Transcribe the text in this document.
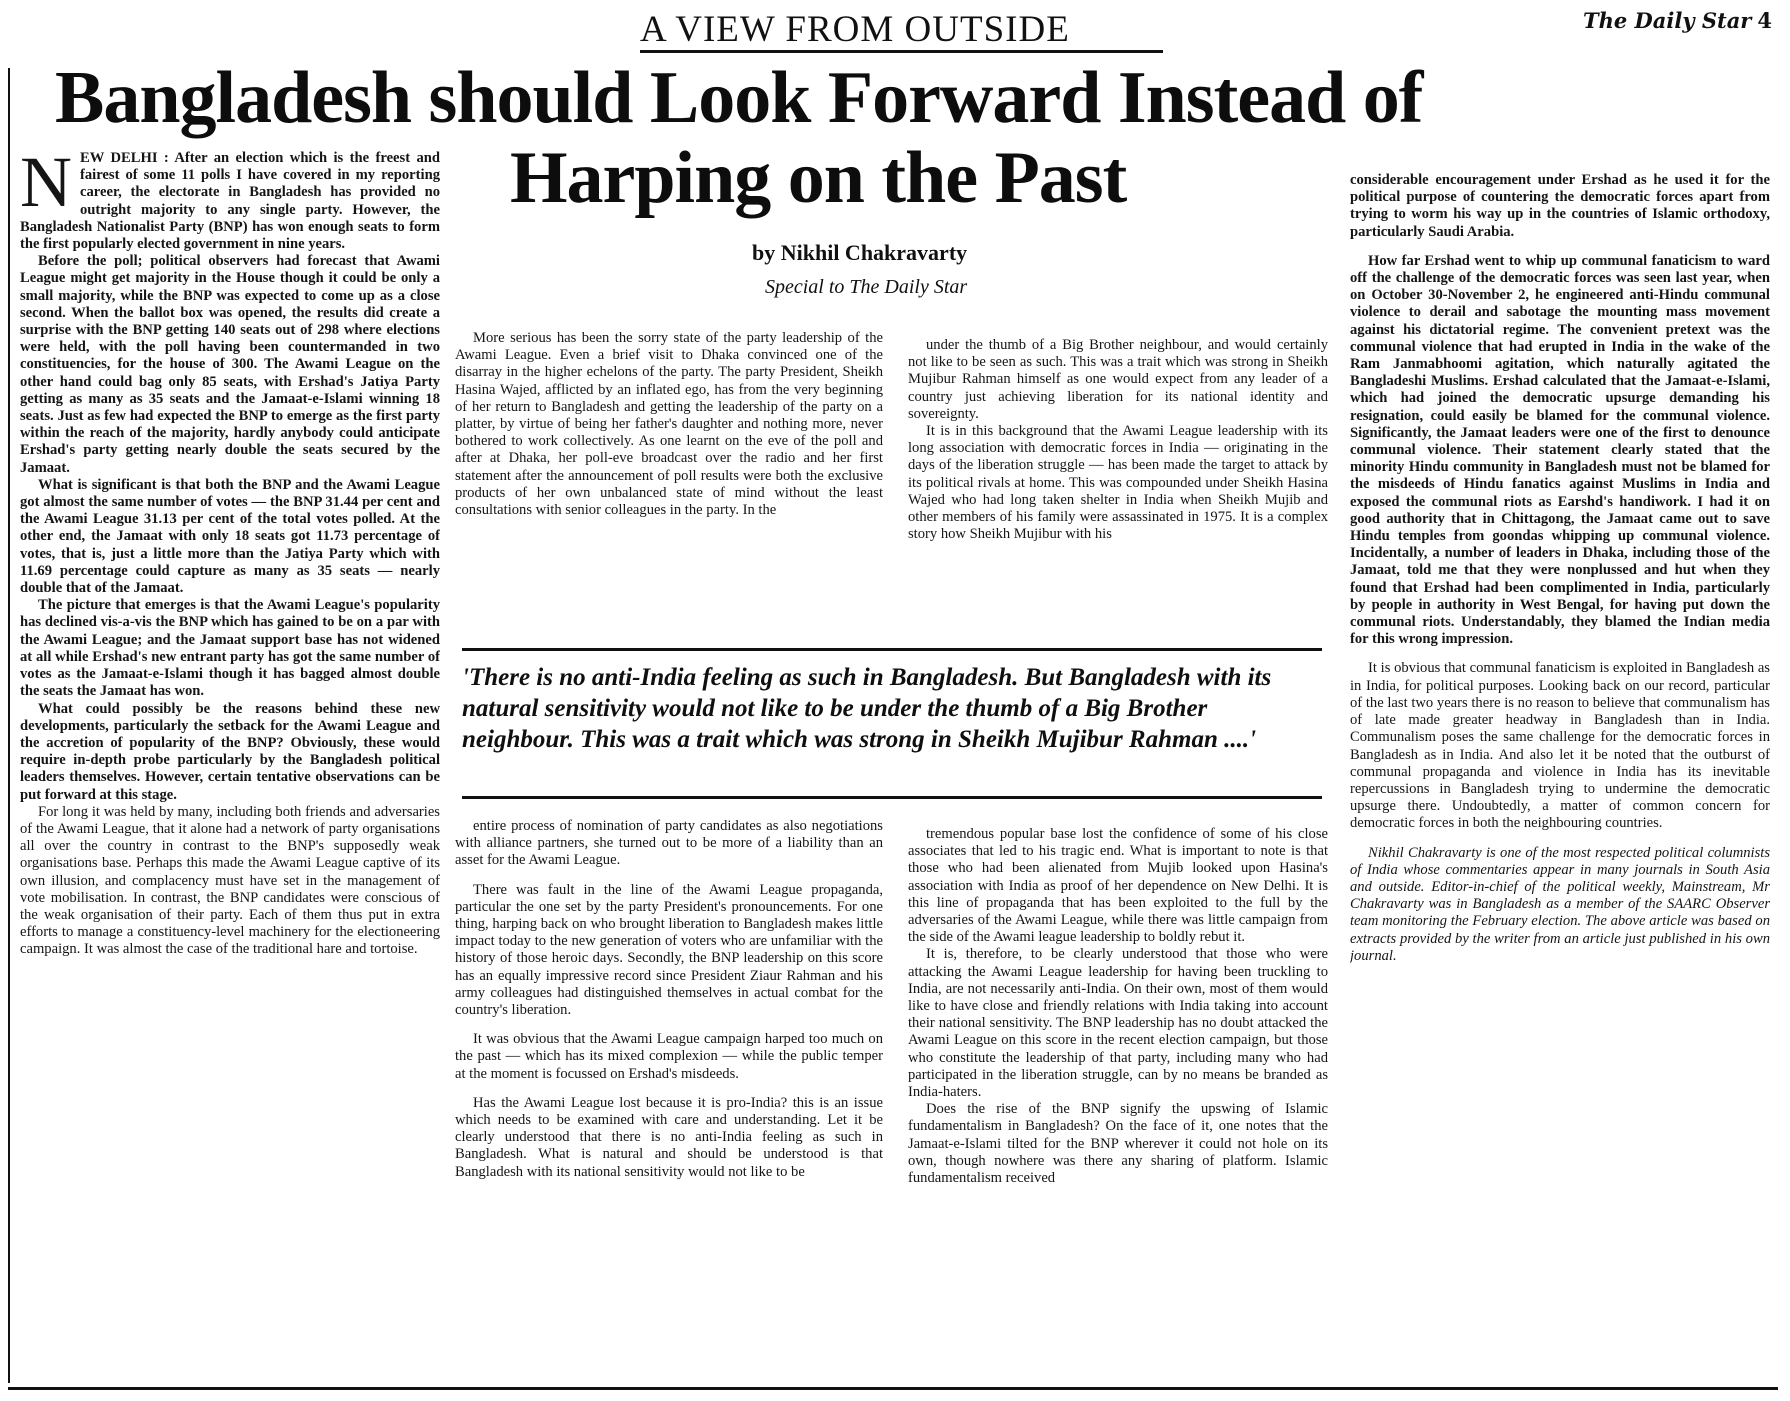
A VIEW FROM OUTSIDE	The Daily Star 4
Bangladesh should Look Forward Instead of
Harping on the Past
by Nikhil Chakravarty
Special to The Daily Star

NEW DELHI : After an election which is the freest and fairest of some 11 polls I have covered in my reporting career, the electorate in Bangladesh has provided no outright majority to any single party. However, the Bangladesh Nationalist Party (BNP) has won enough seats to form the first popularly elected government in nine years.

Before the poll; political observers had forecast that Awami League might get majority in the House though it could be only a small majority, while the BNP was expected to come up as a close second. When the ballot box was opened, the results did create a surprise with the BNP getting 140 seats out of 298 where elections were held, with the poll having been countermanded in two constituencies, for the house of 300. The Awami League on the other hand could bag only 85 seats, with Ershad's Jatiya Party getting as many as 35 seats and the Jamaat-e-Islami winning 18 seats. Just as few had expected the BNP to emerge as the first party within the reach of the majority, hardly anybody could anticipate Ershad's party getting nearly double the seats secured by the Jamaat.

What is significant is that both the BNP and the Awami League got almost the same number of votes — the BNP 31.44 per cent and the Awami League 31.13 per cent of the total votes polled. At the other end, the Jamaat with only 18 seats got 11.73 percentage of votes, that is, just a little more than the Jatiya Party which with 11.69 percentage could capture as many as 35 seats — nearly double that of the Jamaat.

The picture that emerges is that the Awami League's popularity has declined vis-a-vis the BNP which has gained to be on a par with the Awami League; and the Jamaat support base has not widened at all while Ershad's new entrant party has got the same number of votes as the Jamaat-e-Islami though it has bagged almost double the seats the Jamaat has won.

What could possibly be the reasons behind these new developments, particularly the setback for the Awami League and the accretion of popularity of the BNP? Obviously, these would require in-depth probe particularly by the Bangladesh political leaders themselves. However, certain tentative observations can be put forward at this stage.

For long it was held by many, including both friends and adversaries of the Awami League, that it alone had a network of party organisations all over the country in contrast to the BNP's supposedly weak organisations base. Perhaps this made the Awami League captive of its own illusion, and complacency must have set in the management of vote mobilisation. In contrast, the BNP candidates were conscious of the weak organisation of their party. Each of them thus put in extra efforts to manage a constituency-level machinery for the electioneering campaign. It was almost the case of the traditional hare and tortoise.

More serious has been the sorry state of the party leadership of the Awami League. Even a brief visit to Dhaka convinced one of the disarray in the higher echelons of the party. The party President, Sheikh Hasina Wajed, afflicted by an inflated ego, has from the very beginning of her return to Bangladesh and getting the leadership of the party on a platter, by virtue of being her father's daughter and nothing more, never bothered to work collectively. As one learnt on the eve of the poll and after at Dhaka, her poll-eve broadcast over the radio and her first statement after the announcement of poll results were both the exclusive products of her own unbalanced state of mind without the least consultations with senior colleagues in the party. In the

under the thumb of a Big Brother neighbour, and would certainly not like to be seen as such. This was a trait which was strong in Sheikh Mujibur Rahman himself as one would expect from any leader of a country just achieving liberation for its national identity and sovereignty.

It is in this background that the Awami League leadership with its long association with democratic forces in India — originating in the days of the liberation struggle — has been made the target to attack by its political rivals at home. This was compounded under Sheikh Hasina Wajed who had long taken shelter in India when Sheikh Mujib and other members of his family were assassinated in 1975. It is a complex story how Sheikh Mujibur with his

'There is no anti-India feeling as such in Bangladesh. But Bangladesh with its natural sensitivity would not like to be under the thumb of a Big Brother neighbour. This was a trait which was strong in Sheikh Mujibur Rahman ....'

entire process of nomination of party candidates as also negotiations with alliance partners, she turned out to be more of a liability than an asset for the Awami League.

There was fault in the line of the Awami League propaganda, particular the one set by the party President's pronouncements. For one thing, harping back on who brought liberation to Bangladesh makes little impact today to the new generation of voters who are unfamiliar with the history of those heroic days. Secondly, the BNP leadership on this score has an equally impressive record since President Ziaur Rahman and his army colleagues had distinguished themselves in actual combat for the country's liberation.

It was obvious that the Awami League campaign harped too much on the past — which has its mixed complexion — while the public temper at the moment is focussed on Ershad's misdeeds.

Has the Awami League lost because it is pro-India? this is an issue which needs to be examined with care and understanding. Let it be clearly understood that there is no anti-India feeling as such in Bangladesh. What is natural and should be understood is that Bangladesh with its national sensitivity would not like to be

tremendous popular base lost the confidence of some of his close associates that led to his tragic end. What is important to note is that those who had been alienated from Mujib looked upon Hasina's association with India as proof of her dependence on New Delhi. It is this line of propaganda that has been exploited to the full by the adversaries of the Awami League, while there was little campaign from the side of the Awami league leadership to boldly rebut it.

It is, therefore, to be clearly understood that those who were attacking the Awami League leadership for having been truckling to India, are not necessarily anti-India. On their own, most of them would like to have close and friendly relations with India taking into account their national sensitivity. The BNP leadership has no doubt attacked the Awami League on this score in the recent election campaign, but those who constitute the leadership of that party, including many who had participated in the liberation struggle, can by no means be branded as India-haters.

Does the rise of the BNP signify the upswing of Islamic fundamentalism in Bangladesh? On the face of it, one notes that the Jamaat-e-Islami tilted for the BNP wherever it could not hole on its own, though nowhere was there any sharing of platform. Islamic fundamentalism received

considerable encouragement under Ershad as he used it for the political purpose of countering the democratic forces apart from trying to worm his way up in the countries of Islamic orthodoxy, particularly Saudi Arabia.

How far Ershad went to whip up communal fanaticism to ward off the challenge of the democratic forces was seen last year, when on October 30-November 2, he engineered anti-Hindu communal violence to derail and sabotage the mounting mass movement against his dictatorial regime. The convenient pretext was the communal violence that had erupted in India in the wake of the Ram Janmabhoomi agitation, which naturally agitated the Bangladeshi Muslims. Ershad calculated that the Jamaat-e-Islami, which had joined the democratic upsurge demanding his resignation, could easily be blamed for the communal violence. Significantly, the Jamaat leaders were one of the first to denounce communal violence. Their statement clearly stated that the minority Hindu community in Bangladesh must not be blamed for the misdeeds of Hindu fanatics against Muslims in India and exposed the communal riots as Earshd's handiwork. I had it on good authority that in Chittagong, the Jamaat came out to save Hindu temples from goondas whipping up communal violence. Incidentally, a number of leaders in Dhaka, including those of the Jamaat, told me that they were nonplussed and hut when they found that Ershad had been complimented in India, particularly by people in authority in West Bengal, for having put down the communal riots. Understandably, they blamed the Indian media for this wrong impression.

It is obvious that communal fanaticism is exploited in Bangladesh as in India, for political purposes. Looking back on our record, particular of the last two years there is no reason to believe that communalism has of late made greater headway in Bangladesh than in India. Communalism poses the same challenge for the democratic forces in Bangladesh as in India. And also let it be noted that the outburst of communal propaganda and violence in India has its inevitable repercussions in Bangladesh trying to undermine the democratic upsurge there. Undoubtedly, a matter of common concern for democratic forces in both the neighbouring countries.

Nikhil Chakravarty is one of the most respected political columnists of India whose commentaries appear in many journals in South Asia and outside. Editor-in-chief of the political weekly, Mainstream, Mr Chakravarty was in Bangladesh as a member of the SAARC Observer team monitoring the February election. The above article was based on extracts provided by the writer from an article just published in his own journal.
